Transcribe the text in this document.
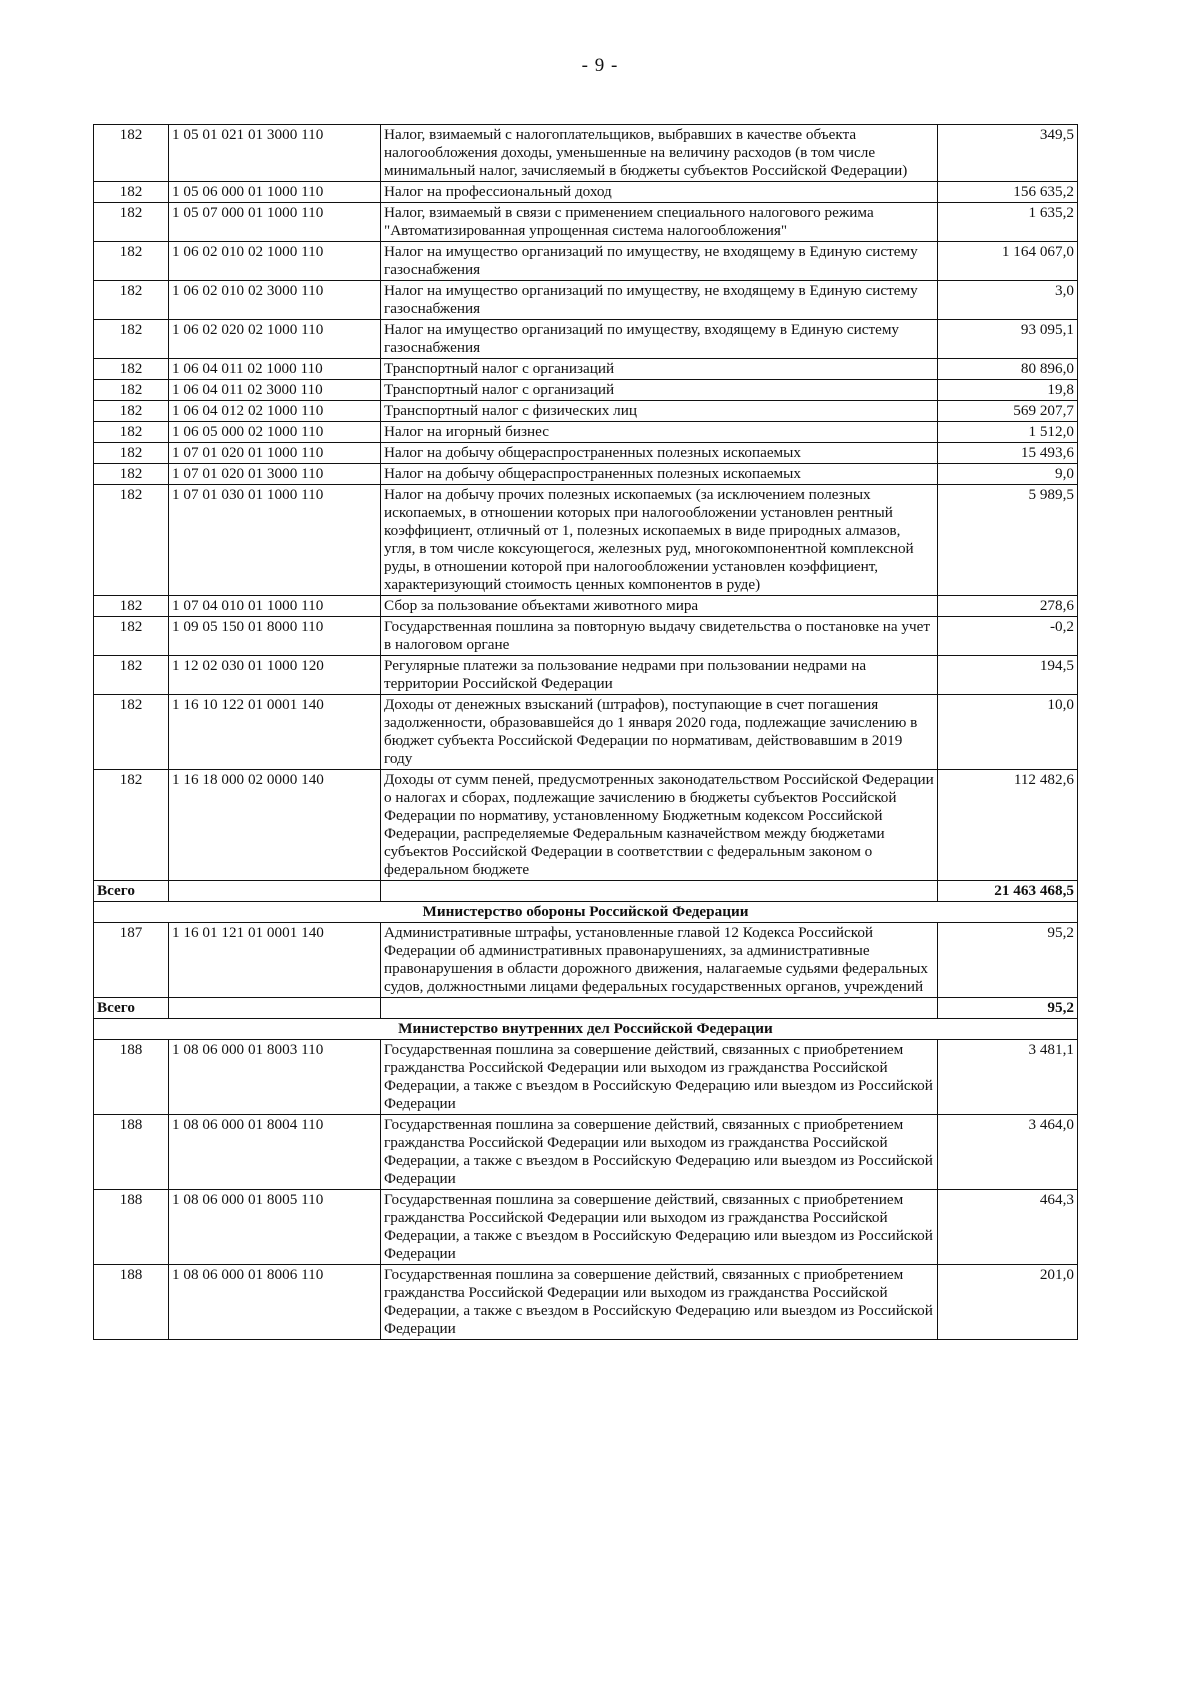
- 9 -
182	1 05 01 021 01 3000 110	Налог, взимаемый с налогоплательщиков, выбравших в качестве объекта налогообложения доходы, уменьшенные на величину расходов (в том числе минимальный налог, зачисляемый в бюджеты субъектов Российской Федерации)	349,5
182	1 05 06 000 01 1000 110	Налог на профессиональный доход	156 635,2
182	1 05 07 000 01 1000 110	Налог, взимаемый в связи с применением специального налогового режима "Автоматизированная упрощенная система налогообложения"	1 635,2
182	1 06 02 010 02 1000 110	Налог на имущество организаций по имуществу, не входящему в Единую систему газоснабжения	1 164 067,0
182	1 06 02 010 02 3000 110	Налог на имущество организаций по имуществу, не входящему в Единую систему газоснабжения	3,0
182	1 06 02 020 02 1000 110	Налог на имущество организаций по имуществу, входящему в Единую систему газоснабжения	93 095,1
182	1 06 04 011 02 1000 110	Транспортный налог с организаций	80 896,0
182	1 06 04 011 02 3000 110	Транспортный налог с организаций	19,8
182	1 06 04 012 02 1000 110	Транспортный налог с физических лиц	569 207,7
182	1 06 05 000 02 1000 110	Налог на игорный бизнес	1 512,0
182	1 07 01 020 01 1000 110	Налог на добычу общераспространенных полезных ископаемых	15 493,6
182	1 07 01 020 01 3000 110	Налог на добычу общераспространенных полезных ископаемых	9,0
182	1 07 01 030 01 1000 110	Налог на добычу прочих полезных ископаемых (за исключением полезных ископаемых, в отношении которых при налогообложении установлен рентный коэффициент, отличный от 1, полезных ископаемых в виде природных алмазов, угля, в том числе коксующегося, железных руд, многокомпонентной комплексной руды, в отношении которой при налогообложении установлен коэффициент, характеризующий стоимость ценных компонентов в руде)	5 989,5
182	1 07 04 010 01 1000 110	Сбор за пользование объектами животного мира	278,6
182	1 09 05 150 01 8000 110	Государственная пошлина за повторную выдачу свидетельства о постановке на учет в налоговом органе	-0,2
182	1 12 02 030 01 1000 120	Регулярные платежи за пользование недрами при пользовании недрами на территории Российской Федерации	194,5
182	1 16 10 122 01 0001 140	Доходы от денежных взысканий (штрафов), поступающие в счет погашения задолженности, образовавшейся до 1 января 2020 года, подлежащие зачислению в бюджет субъекта Российской Федерации по нормативам, действовавшим в 2019 году	10,0
182	1 16 18 000 02 0000 140	Доходы от сумм пеней, предусмотренных законодательством Российской Федерации о налогах и сборах, подлежащие зачислению в бюджеты субъектов Российской Федерации по нормативу, установленному Бюджетным кодексом Российской Федерации, распределяемые Федеральным казначейством между бюджетами субъектов Российской Федерации в соответствии с федеральным законом о федеральном бюджете	112 482,6
Всего			21 463 468,5
Министерство обороны Российской Федерации			
187	1 16 01 121 01 0001 140	Административные штрафы, установленные главой 12 Кодекса Российской Федерации об административных правонарушениях, за административные правонарушения в области дорожного движения, налагаемые судьями федеральных судов, должностными лицами федеральных государственных органов, учреждений	95,2
Всего			95,2
Министерство внутренних дел Российской Федерации			
188	1 08 06 000 01 8003 110	Государственная пошлина за совершение действий, связанных с приобретением гражданства Российской Федерации или выходом из гражданства Российской Федерации, а также с въездом в Российскую Федерацию или выездом из Российской Федерации	3 481,1
188	1 08 06 000 01 8004 110	Государственная пошлина за совершение действий, связанных с приобретением гражданства Российской Федерации или выходом из гражданства Российской Федерации, а также с въездом в Российскую Федерацию или выездом из Российской Федерации	3 464,0
188	1 08 06 000 01 8005 110	Государственная пошлина за совершение действий, связанных с приобретением гражданства Российской Федерации или выходом из гражданства Российской Федерации, а также с въездом в Российскую Федерацию или выездом из Российской Федерации	464,3
188	1 08 06 000 01 8006 110	Государственная пошлина за совершение действий, связанных с приобретением гражданства Российской Федерации или выходом из гражданства Российской Федерации, а также с въездом в Российскую Федерацию или выездом из Российской Федерации	201,0
